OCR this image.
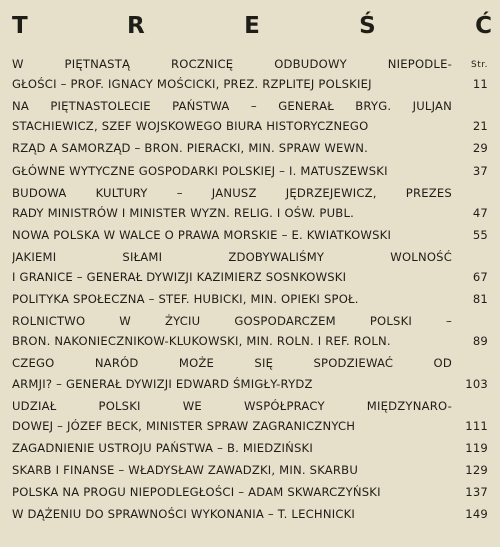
T	R	E	Ś	Ć
Str.
W PIĘTNASTĄ ROCZNICĘ ODBUDOWY NIEPODLE-
GŁOŚCI – PROF. IGNACY MOŚCICKI, PREZ. RZPLITEJ POLSKIEJ	11
NA PIĘTNASTOLECIE PAŃSTWA – GENERAŁ BRYG. JULJAN
STACHIEWICZ, SZEF WOJSKOWEGO BIURA HISTORYCZNEGO	21
RZĄD A SAMORZĄD – BRON. PIERACKI, MIN. SPRAW WEWN.	29
GŁÓWNE WYTYCZNE GOSPODARKI POLSKIEJ – I. MATUSZEWSKI	37
BUDOWA KULTURY – JANUSZ JĘDRZEJEWICZ, PREZES
RADY MINISTRÓW I MINISTER WYZN. RELIG. I OŚW. PUBL.	47
NOWA POLSKA W WALCE O PRAWA MORSKIE – E. KWIATKOWSKI	55
JAKIEMI SIŁAMI ZDOBYWALIŚMY WOLNOŚĆ
I GRANICE – GENERAŁ DYWIZJI KAZIMIERZ SOSNKOWSKI	67
POLITYKA SPOŁECZNA – STEF. HUBICKI, MIN. OPIEKI SPOŁ.	81
ROLNICTWO W ŻYCIU GOSPODARCZEM POLSKI –
BRON. NAKONIECZNIKOW-KLUKOWSKI, MIN. ROLN. I REF. ROLN.	89
CZEGO NARÓD MOŻE SIĘ SPODZIEWAĆ OD
ARMJI? – GENERAŁ DYWIZJI EDWARD ŚMIGŁY-RYDZ	103
UDZIAŁ POLSKI WE WSPÓŁPRACY MIĘDZYNARO-
DOWEJ – JÓZEF BECK, MINISTER SPRAW ZAGRANICZNYCH	111
ZAGADNIENIE USTROJU PAŃSTWA – B. MIEDZIŃSKI	119
SKARB I FINANSE – WŁADYSŁAW ZAWADZKI, MIN. SKARBU	129
POLSKA NA PROGU NIEPODLEGŁOŚCI – ADAM SKWARCZYŃSKI	137
W DĄŻENIU DO SPRAWNOŚCI WYKONANIA – T. LECHNICKI	149
